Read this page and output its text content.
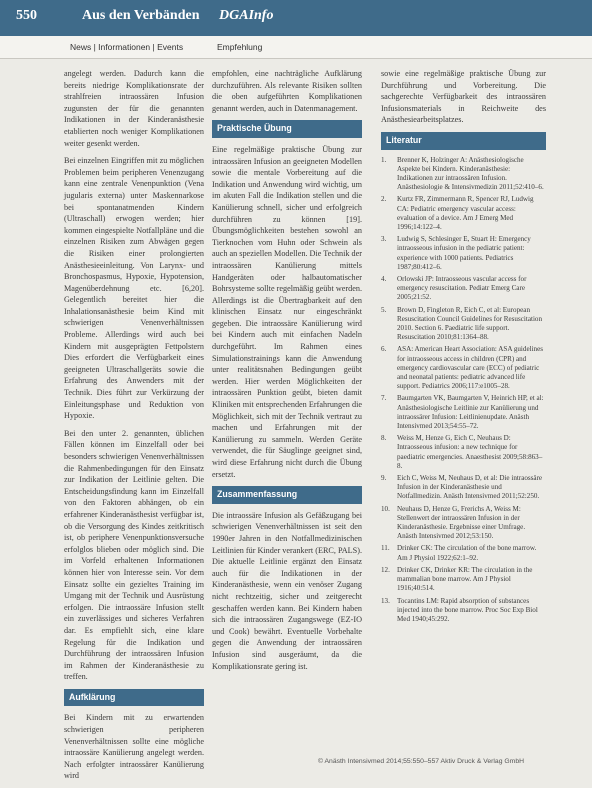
550	Aus den Verbänden DGAInfo
News | Informationen | Events	Empfehlung

angelegt werden. Dadurch kann die bereits niedrige Komplikationsrate der strahlfreien intraossären Infusion zugunsten der für die genannten Indikationen in der Kinderanästhesie etablierten noch weniger Komplikationen weiter gesenkt werden.

Bei einzelnen Eingriffen mit zu möglichen Problemen beim peripheren Venenzugang kann eine zentrale Venenpunktion (Vena jugularis externa) unter Maskennarkose bei spontanatmenden Kindern (Ultraschall) erwogen werden; hier kommen eingespielte Notfallpläne und die einzelnen Risiken zum Abwägen gegen die Risiken einer prolongierten Anästhesieeinleitung. Von Larynx- und Bronchospasmus, Hypoxie, Hypotension, Magenüberdehnung etc. [6,20]. Gelegentlich bereitet hier die Inhalationsanästhesie beim Kind mit schwierigen Venenverhältnissen Probleme. Allerdings wird auch bei Kindern mit ausgeprägten Fettpolstern Dies erfordert die Verfügbarkeit eines geeigneten Ultraschallgeräts sowie die Erfahrung des Anwenders mit der Technik. Dies führt zur Verkürzung der Einleitungsphase und Reduktion von Hypoxie.

Bei den unter 2. genannten, üblichen Fällen können im Einzelfall oder bei besonders schwierigen Venenverhältnissen die Rahmenbedingungen für den Einsatz zur Indikation der Leitlinie gelten. Die Entscheidungsfindung kann im Einzelfall von den Faktoren abhängen, ob ein erfahrener Kinderanästhesist verfügbar ist, ob die Versorgung des Kindes zeitkritisch ist, ob periphere Venenpunktionsversuche erfolglos blieben oder möglich sind. Die im Vorfeld erhaltenen Informationen können hier von Interesse sein. Vor dem Einsatz sollte ein gezieltes Training im Umgang mit der Technik und Ausrüstung erfolgen. Die intraossäre Infusion stellt ein zuverlässiges und sicheres Verfahren dar. Es empfiehlt sich, eine klare Regelung für die Indikation und Durchführung der intraossären Infusion im Rahmen der Kinderanästhesie zu treffen.

Aufklärung

Bei Kindern mit zu erwartenden schwierigen peripheren Venenverhältnissen sollte eine mögliche intraossäre Kanülierung angelegt werden. Nach erfolgter intraossärer Kanülierung wird

empfohlen, eine nachträgliche Aufklärung durchzuführen. Als relevante Risiken sollten die oben aufgeführten Komplikationen genannt werden, auch in Datenmanagement.

Praktische Übung

Eine regelmäßige praktische Übung zur intraossären Infusion an geeigneten Modellen sowie die mentale Vorbereitung auf die Indikation und Anwendung wird wichtig, um im akuten Fall die Indikation stellen und die Kanülierung schnell, sicher und erfolgreich durchführen zu können [19]. Übungsmöglichkeiten bestehen sowohl an Tierknochen vom Huhn oder Schwein als auch an speziellen Modellen. Die Technik der intraossären Kanülierung mittels Handgeräten oder halbautomatischer Bohrsysteme sollte regelmäßig geübt werden. Allerdings ist die Übertragbarkeit auf den klinischen Einsatz nur eingeschränkt gegeben. Die intraossäre Kanülierung wird bei Kindern auch mit einfachen Nadeln durchgeführt. Im Rahmen eines Simulationstrainings kann die Anwendung unter realitätsnahen Bedingungen geübt werden. Hier werden Möglichkeiten der intraossären Punktion geübt, bieten damit Kliniken mit entsprechenden Erfahrungen die Möglichkeit, sich mit der Technik vertraut zu machen und Erfahrungen mit der Kanülierung zu sammeln. Werden Geräte verwendet, die für Säuglinge geeignet sind, wird diese Erfahrung nicht durch die Übung ersetzt.

Zusammenfassung

Die intraossäre Infusion als Gefäßzugang bei schwierigen Venenverhältnissen ist seit den 1990er Jahren in den Notfallmedizinischen Leitlinien für Kinder verankert (ERC, PALS). Die aktuelle Leitlinie ergänzt den Einsatz auch für die Indikationen in der Kinderanästhesie, wenn ein venöser Zugang nicht rechtzeitig, sicher und zeitgerecht geschaffen werden kann. Bei Kindern haben sich die intraossären Zugangswege (EZ-IO und Cook) bewährt. Eventuelle Vorbehalte gegen die Anwendung der intraossären Infusion sind ausgeräumt, da die Komplikationsrate gering ist.

sowie eine regelmäßige praktische Übung zur Durchführung und Vorbereitung. Die sachgerechte Verfügbarkeit des intraossären Infusionsmaterials in Reichweite des Anästhesiearbeitsplatzes.

Literatur
1.	Brenner K, Holzinger A: Anästhesiologische Aspekte bei Kindern. Kinderanästhesie: Indikationen zur intraossären Infusion. Anästhesiologie & Intensivmedizin 2011;52:410–6.
2.	Kurtz FR, Zimmermann R, Spencer RJ, Ludwig CA: Pediatric emergency vascular access: evaluation of a device. Am J Emerg Med 1996;14:122–4.
3.	Ludwig S, Schlesinger E, Stuart H: Emergency intraosseous infusion in the pediatric patient: experience with 1000 patients. Pediatrics 1987;80:412–6.
4.	Orlowski JP: Intraosseous vascular access for emergency resuscitation. Pediatr Emerg Care 2005;21:52.
5.	Brown D, Fingleton R, Eich C, et al: European Resuscitation Council Guidelines for Resuscitation 2010. Section 6. Paediatric life support. Resuscitation 2010;81:1364–88.
6.	ASA: American Heart Association: ASA guidelines for intraosseous access in children (CPR) and emergency cardiovascular care (ECC) of pediatric and neonatal patients: pediatric advanced life support. Pediatrics 2006;117:e1005–28.
7.	Baumgarten VK, Baumgarten V, Heinrich HP, et al: Anästhesiologische Leitlinie zur Kanülierung und intraossärer Infusion: Leitlinienupdate. Anästh Intensivmed 2013;54:55–72.
8.	Weiss M, Henze G, Eich C, Neuhaus D: Intraosseous infusion: a new technique for paediatric emergencies. Anaesthesist 2009;58:863–8.
9.	Eich C, Weiss M, Neuhaus D, et al: Die intraossäre Infusion in der Kinderanästhesie und Notfallmedizin. Anästh Intensivmed 2011;52:250.
10.	Neuhaus D, Henze G, Frerichs A, Weiss M: Stellenwert der intraossären Infusion in der Kinderanästhesie. Ergebnisse einer Umfrage. Anästh Intensivmed 2012;53:150.
11.	Drinker CK: The circulation of the bone marrow. Am J Physiol 1922;62:1–92.
12.	Drinker CK, Drinker KR: The circulation in the mammalian bone marrow. Am J Physiol 1916;40:514.
13.	Tocantins LM: Rapid absorption of substances injected into the bone marrow. Proc Soc Exp Biol Med 1940;45:292.
© Anästh Intensivmed 2014;55:550–557 Aktiv Druck & Verlag GmbH
